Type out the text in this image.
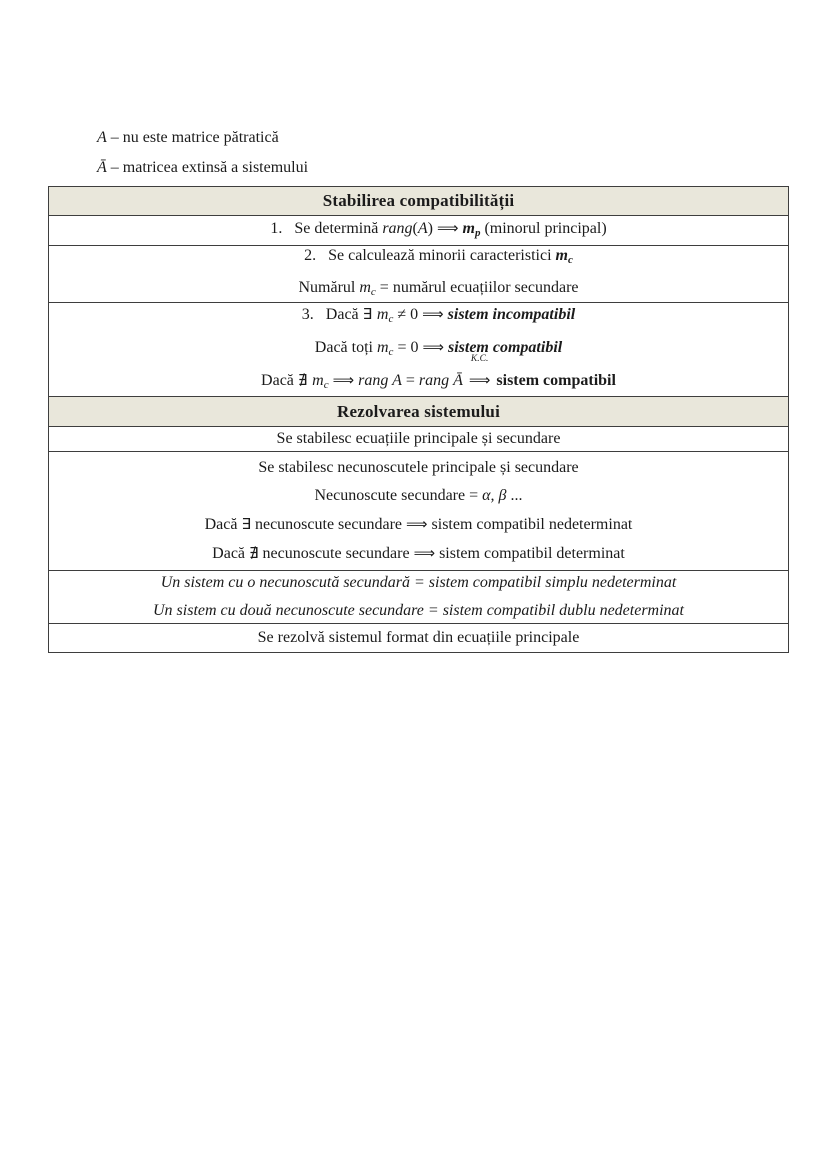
A – nu este matrice pătratică
Ā – matricea extinsă a sistemului
Stabilirea compatibilității
1.   Se determină rang(A) ⟹ mp (minorul principal)
2.   Se calculează minorii caracteristici mc
Numărul mc = numărul ecuațiilor secundare
3.   Dacă ∃ mc ≠ 0 ⟹ sistem incompatibil
Dacă toți mc = 0 ⟹ sistem compatibil
Dacă ∄ mc ⟹ rang A = rang Ā
K.C.
⟹ sistem compatibil
Rezolvarea sistemului
Se stabilesc ecuațiile principale și secundare
Se stabilesc necunoscutele principale și secundare
Necunoscute secundare = α, β ...
Dacă ∃ necunoscute secundare ⟹ sistem compatibil nedeterminat
Dacă ∄ necunoscute secundare ⟹ sistem compatibil determinat
Un sistem cu o necunoscută secundară = sistem compatibil simplu nedeterminat
Un sistem cu două necunoscute secundare = sistem compatibil dublu nedeterminat
Se rezolvă sistemul format din ecuațiile principale
